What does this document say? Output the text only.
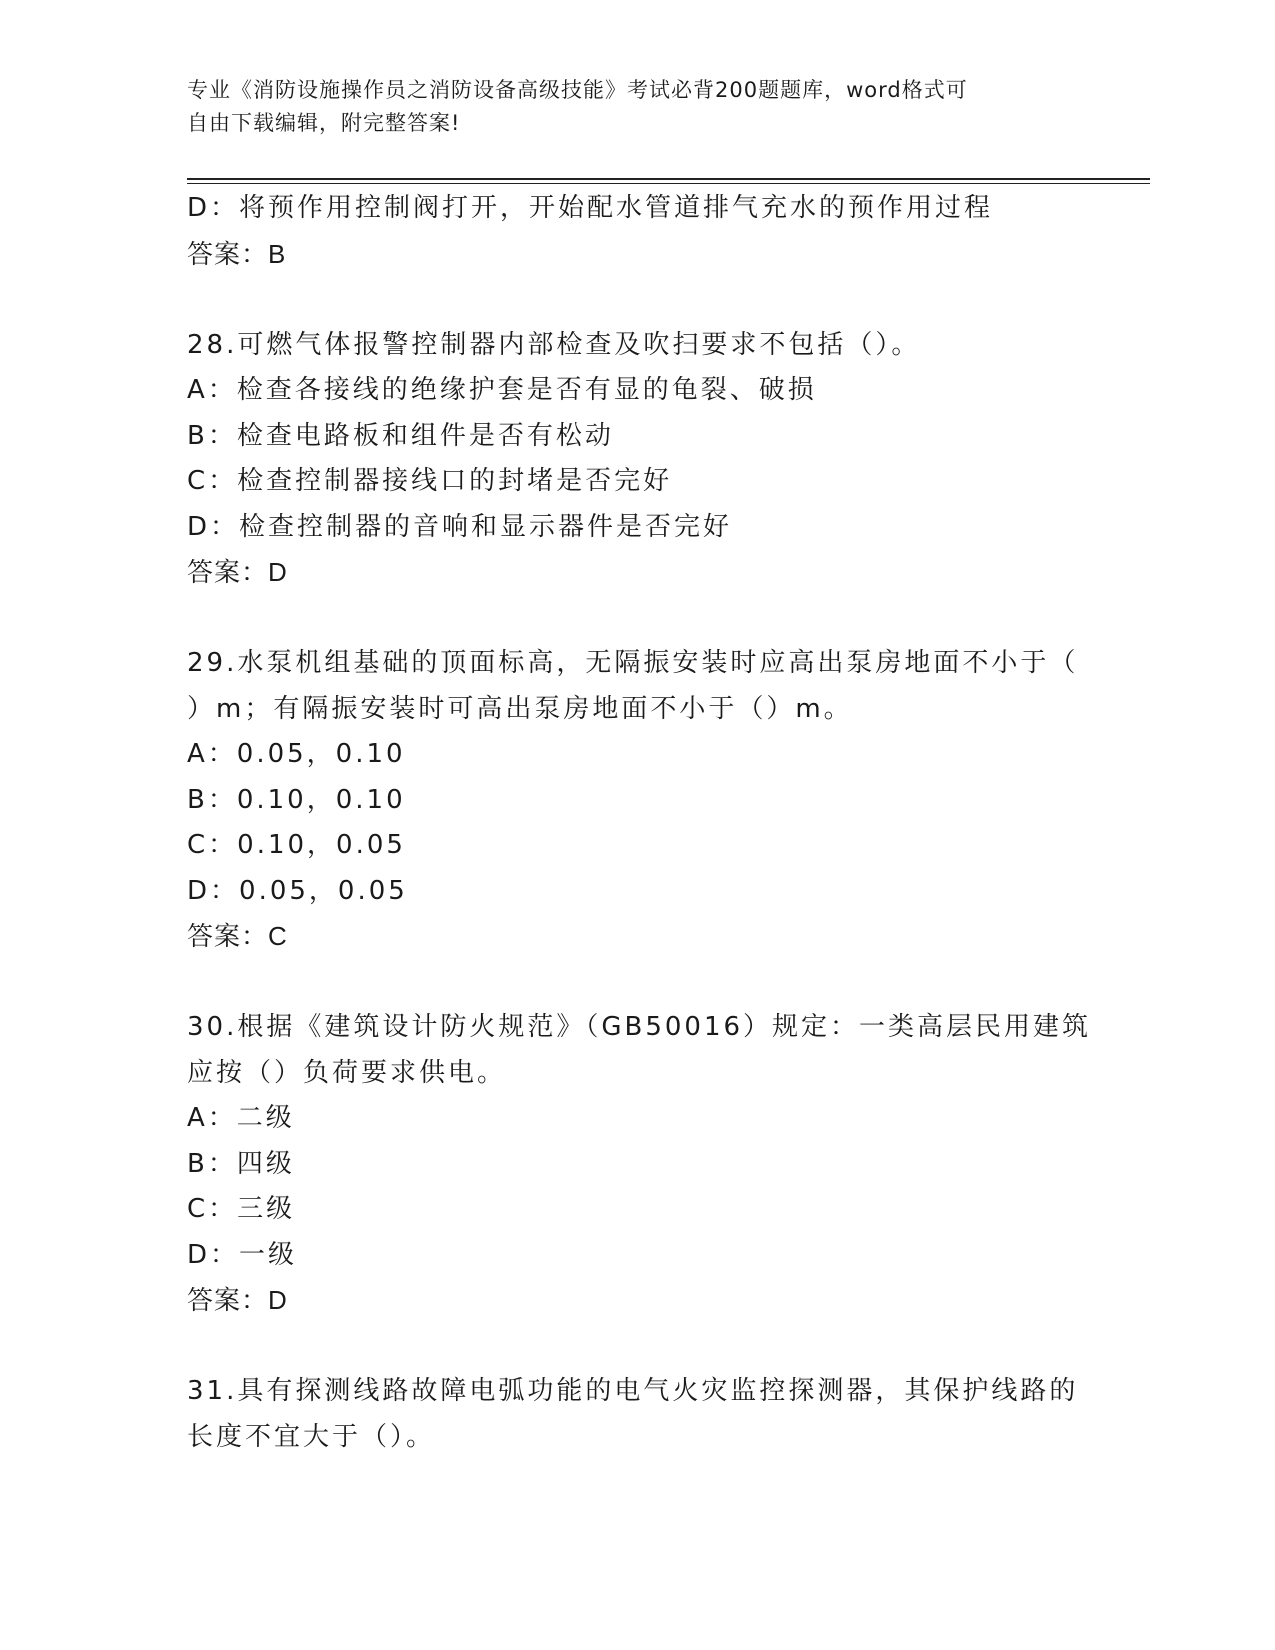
专业《消防设施操作员之消防设备高级技能》考试必背200题题库，word格式可
自由下载编辑，附完整答案!
D：将预作用控制阀打开，开始配水管道排气充水的预作用过程
答案：B
28.可燃气体报警控制器内部检查及吹扫要求不包括（）。
A：检查各接线的绝缘护套是否有显的龟裂、破损
B：检查电路板和组件是否有松动
C：检查控制器接线口的封堵是否完好
D：检查控制器的音响和显示器件是否完好
答案：D
29.水泵机组基础的顶面标高，无隔振安装时应高出泵房地面不小于（
）m；有隔振安装时可高出泵房地面不小于（）m。
A：0.05，0.10
B：0.10，0.10
C：0.10，0.05
D：0.05，0.05
答案：C
30.根据《建筑设计防火规范》（GB50016）规定：一类高层民用建筑
应按（）负荷要求供电。
A：二级
B：四级
C：三级
D：一级
答案：D
31.具有探测线路故障电弧功能的电气火灾监控探测器，其保护线路的
长度不宜大于（）。
